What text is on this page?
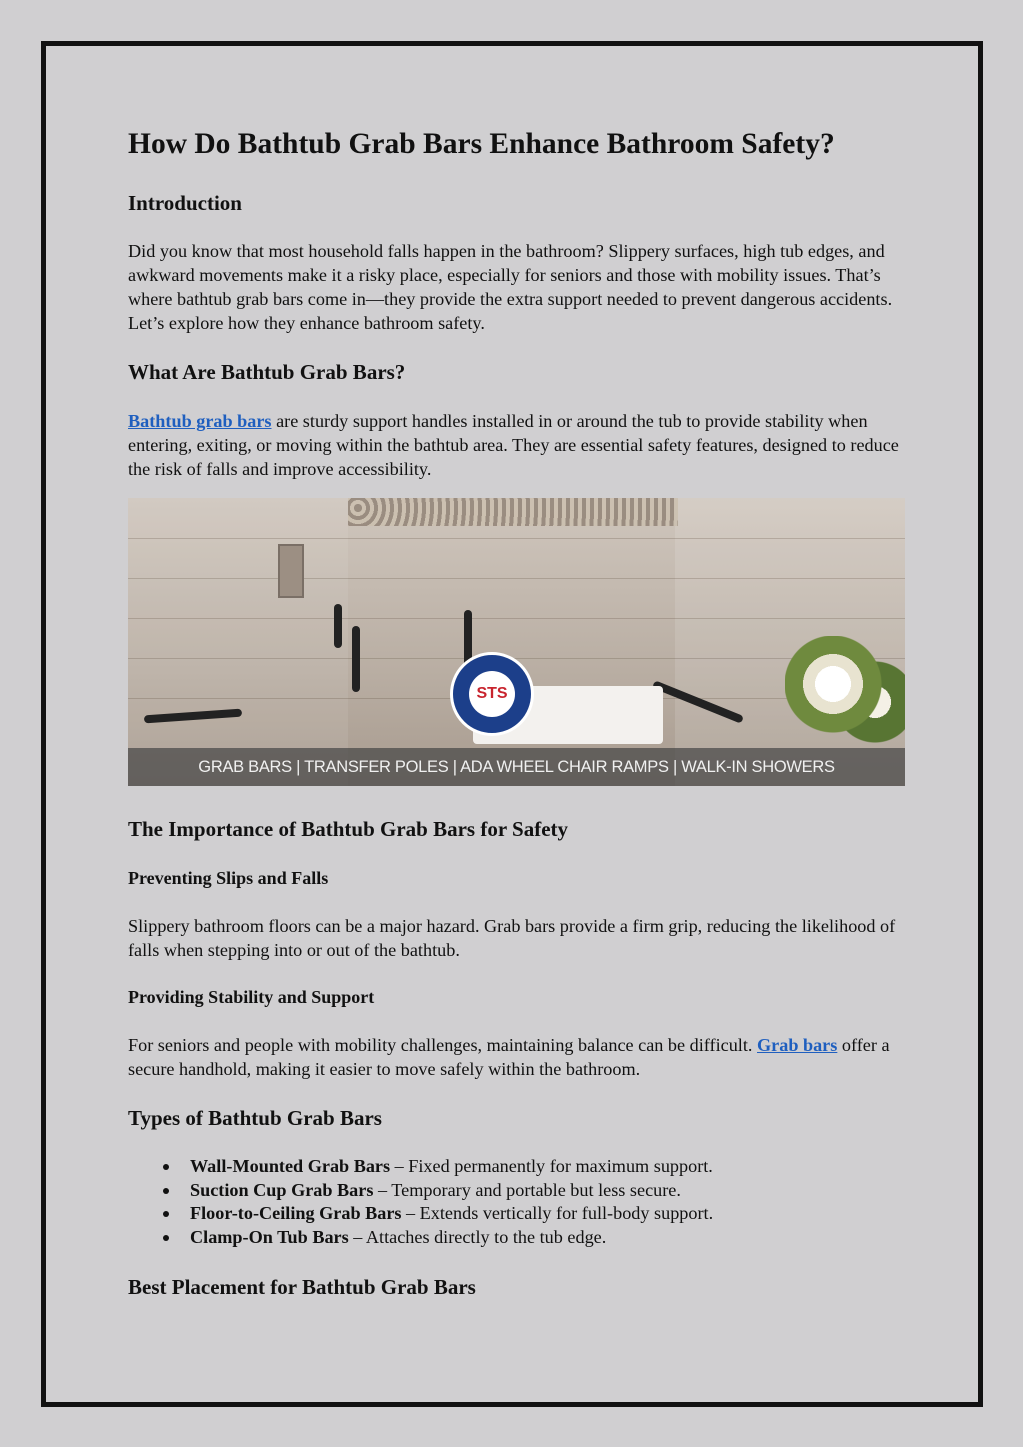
How Do Bathtub Grab Bars Enhance Bathroom Safety?
Introduction

Did you know that most household falls happen in the bathroom? Slippery surfaces, high tub edges, and awkward movements make it a risky place, especially for seniors and those with mobility issues. That’s where bathtub grab bars come in—they provide the extra support needed to prevent dangerous accidents. Let’s explore how they enhance bathroom safety.

What Are Bathtub Grab Bars?

Bathtub grab bars are sturdy support handles installed in or around the tub to provide stability when entering, exiting, or moving within the bathtub area. They are essential safety features, designed to reduce the risk of falls and improve accessibility.

The Importance of Bathtub Grab Bars for Safety
Preventing Slips and Falls

Slippery bathroom floors can be a major hazard. Grab bars provide a firm grip, reducing the likelihood of falls when stepping into or out of the bathtub.

Providing Stability and Support

For seniors and people with mobility challenges, maintaining balance can be difficult. Grab bars offer a secure handhold, making it easier to move safely within the bathroom.

Types of Bathtub Grab Bars
Wall-Mounted Grab Bars – Fixed permanently for maximum support.
Suction Cup Grab Bars – Temporary and portable but less secure.
Floor-to-Ceiling Grab Bars – Extends vertically for full-body support.
Clamp-On Tub Bars – Attaches directly to the tub edge.
Best Placement for Bathtub Grab Bars
STS
GRAB BARS | TRANSFER POLES | ADA WHEEL CHAIR RAMPS | WALK-IN SHOWERS
